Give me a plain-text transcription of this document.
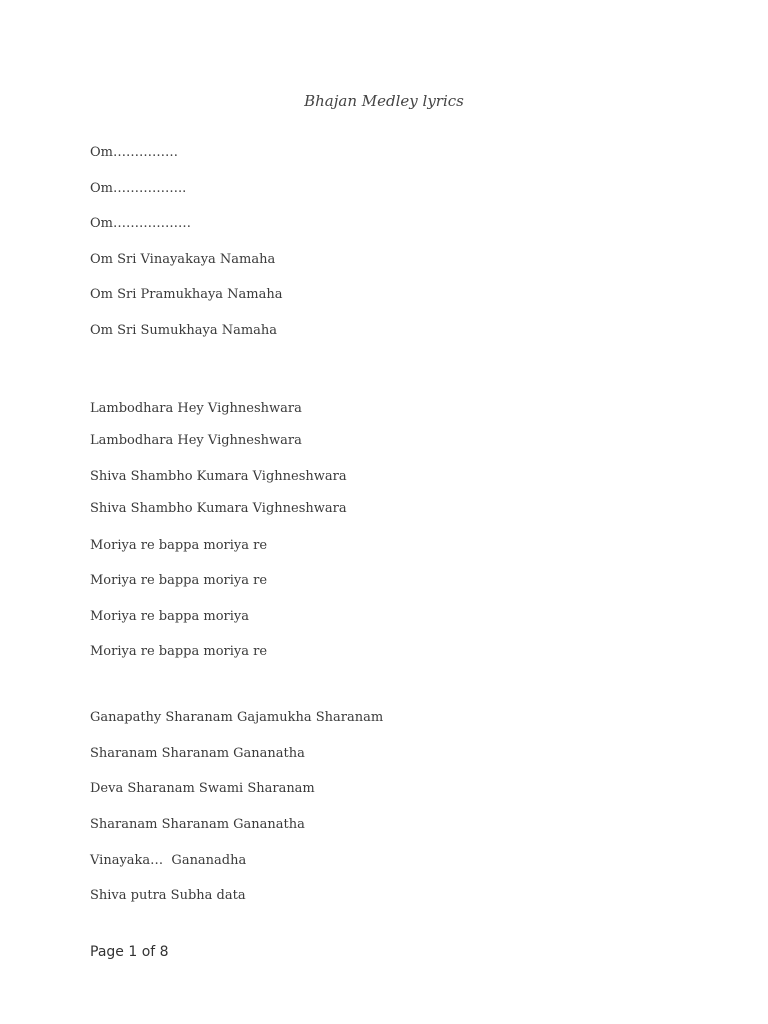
Bhajan Medley lyrics
Om……………
Om……………..
Om………………
Om Sri Vinayakaya Namaha
Om Sri Pramukhaya Namaha
Om Sri Sumukhaya Namaha
Lambodhara Hey Vighneshwara
Lambodhara Hey Vighneshwara
Shiva Shambho Kumara Vighneshwara
Shiva Shambho Kumara Vighneshwara
Moriya re bappa moriya re
Moriya re bappa moriya re
Moriya re bappa moriya
Moriya re bappa moriya re
Ganapathy Sharanam Gajamukha Sharanam
Sharanam Sharanam Gananatha
Deva Sharanam Swami Sharanam
Sharanam Sharanam Gananatha
Vinayaka…  Gananadha
Shiva putra Subha data
Page 1 of 8
